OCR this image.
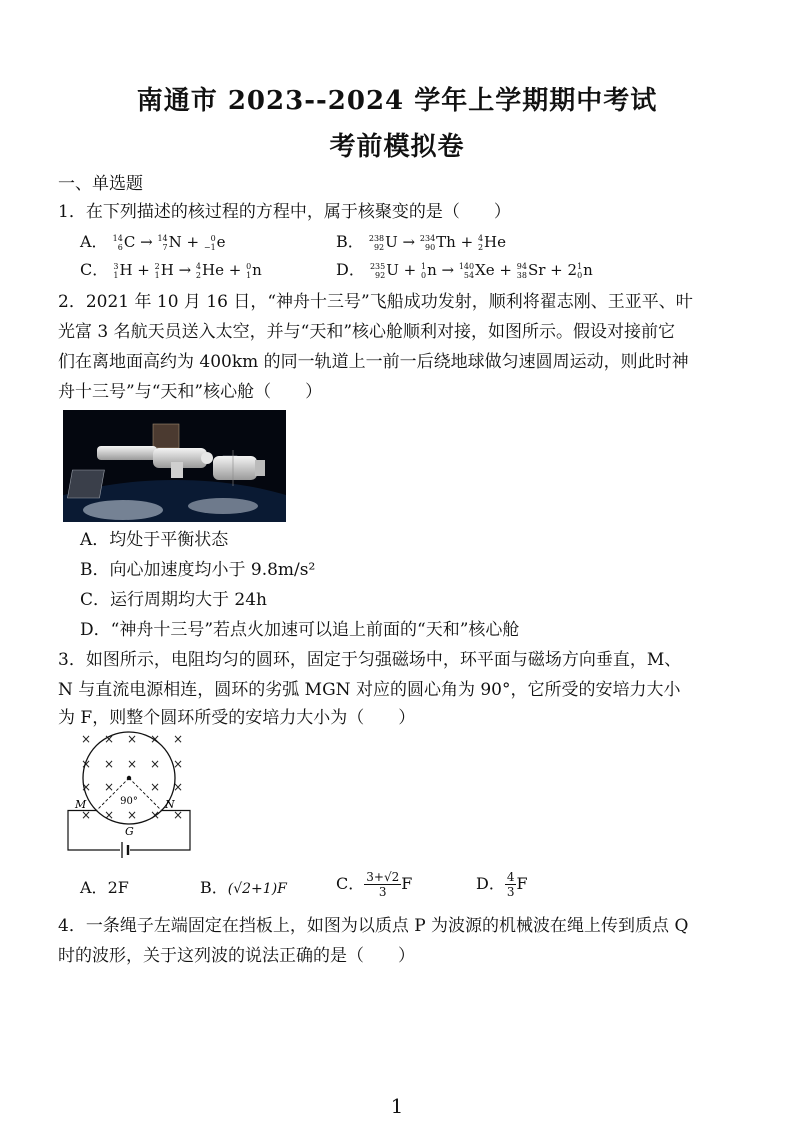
南通市 2023--2024 学年上学期期中考试
考前模拟卷
一、单选题
1．在下列描述的核过程的方程中，属于核聚变的是（　　）
A． 14
6 C → 14
7 N + 0
−1 e	B． 238
92 U → 234
90 Th + 4
2 He
C． 3
1 H + 2
1 H → 4
2 He + 0
1 n	D． 235
92 U + 1
0 n → 140
54 Xe + 94
38 Sr + 2 1
0 n
2．2021 年 10 月 16 日，“神舟十三号”飞船成功发射，顺利将翟志刚、王亚平、叶
光富 3 名航天员送入太空，并与“天和”核心舱顺利对接，如图所示。假设对接前它
们在离地面高约为 400km 的同一轨道上一前一后绕地球做匀速圆周运动，则此时神
舟十三号”与“天和”核心舱（　　）
A．均处于平衡状态
B．向心加速度均小于 9.8m/s²
C．运行周期均大于 24h
D．“神舟十三号”若点火加速可以追上前面的“天和”核心舱
3．如图所示，电阻均匀的圆环，固定于匀强磁场中，环平面与磁场方向垂直，M、
N 与直流电源相连，圆环的劣弧 MGN 对应的圆心角为 90°，它所受的安培力大小
为 F，则整个圆环所受的安培力大小为（　　）
× × × × ×
× × × × ×
× ×	× ×
× × × × ×
90°
M	N
G
A．2F	B．(√2+1)F	C． $\frac{3+√2}{3}$ F	D． $\frac{4}{3}$ F
4．一条绳子左端固定在挡板上，如图为以质点 P 为波源的机械波在绳上传到质点 Q
时的波形，关于这列波的说法正确的是（　　）
1
